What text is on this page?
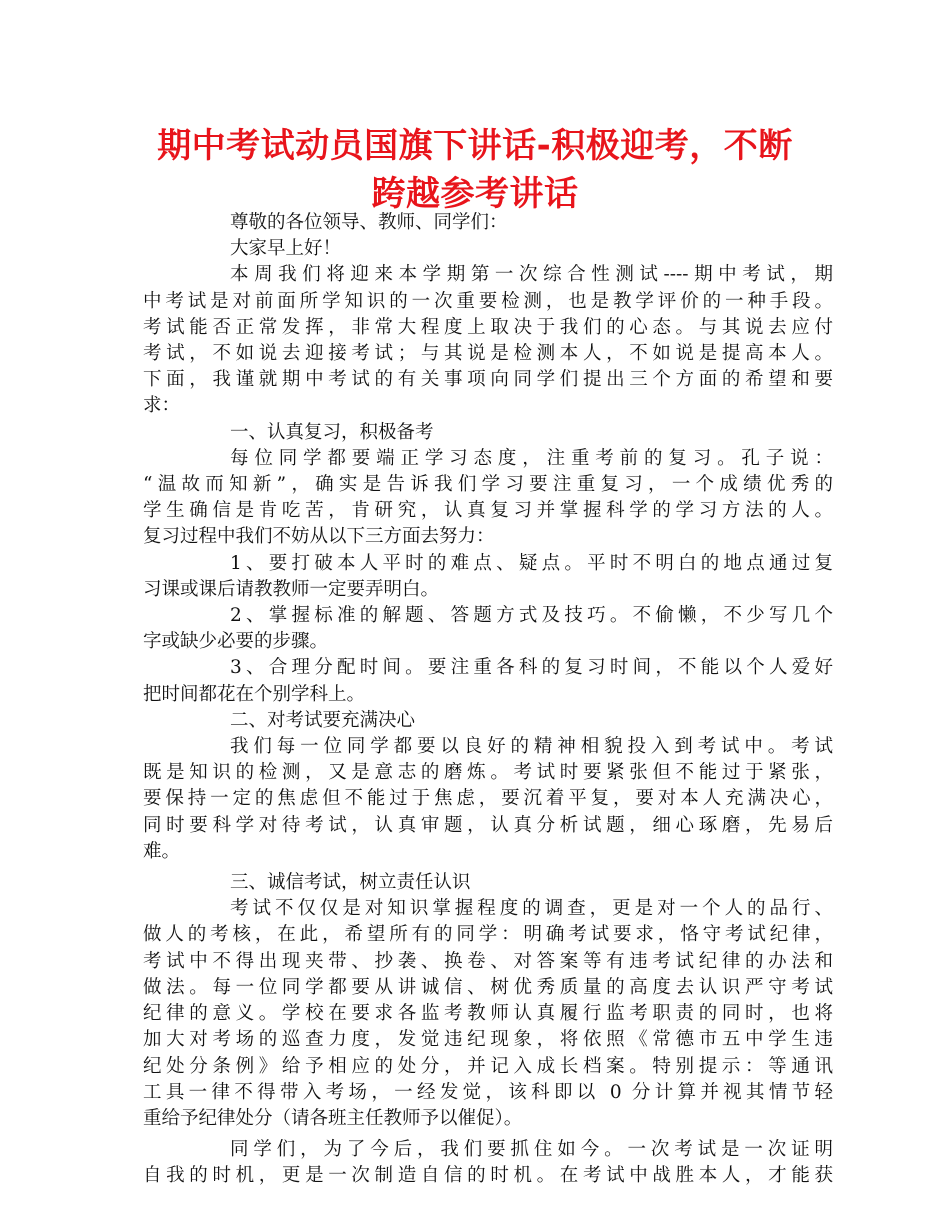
期中考试动员国旗下讲话-积极迎考，不断
跨越参考讲话
尊敬的各位领导、教师、同学们：
大家早上好！
本周我们将迎来本学期第一次综合性测试----期中考试，期
中考试是对前面所学知识的一次重要检测，也是教学评价的一种手段。
考试能否正常发挥，非常大程度上取决于我们的心态。与其说去应付
考试，不如说去迎接考试；与其说是检测本人，不如说是提高本人。
下面，我谨就期中考试的有关事项向同学们提出三个方面的希望和要
求：
一、认真复习，积极备考
每位同学都要端正学习态度，注重考前的复习。孔子说：
“温故而知新”，确实是告诉我们学习要注重复习，一个成绩优秀的
学生确信是肯吃苦，肯研究，认真复习并掌握科学的学习方法的人。
复习过程中我们不妨从以下三方面去努力：
1、要打破本人平时的难点、疑点。平时不明白的地点通过复
习课或课后请教教师一定要弄明白。
2、掌握标准的解题、答题方式及技巧。不偷懒，不少写几个
字或缺少必要的步骤。
3、合理分配时间。要注重各科的复习时间，不能以个人爱好
把时间都花在个别学科上。
二、对考试要充满决心
我们每一位同学都要以良好的精神相貌投入到考试中。考试
既是知识的检测，又是意志的磨炼。考试时要紧张但不能过于紧张，
要保持一定的焦虑但不能过于焦虑，要沉着平复，要对本人充满决心，
同时要科学对待考试，认真审题，认真分析试题，细心琢磨，先易后
难。
三、诚信考试，树立责任认识
考试不仅仅是对知识掌握程度的调查，更是对一个人的品行、
做人的考核，在此，希望所有的同学：明确考试要求，恪守考试纪律，
考试中不得出现夹带、抄袭、换卷、对答案等有违考试纪律的办法和
做法。每一位同学都要从讲诚信、树优秀质量的高度去认识严守考试
纪律的意义。学校在要求各监考教师认真履行监考职责的同时，也将
加大对考场的巡查力度，发觉违纪现象，将依照《常德市五中学生违
纪处分条例》给予相应的处分，并记入成长档案。特别提示：等通讯
工具一律不得带入考场，一经发觉，该科即以 0 分计算并视其情节轻
重给予纪律处分（请各班主任教师予以催促）。
同学们，为了今后，我们要抓住如今。一次考试是一次证明
自我的时机，更是一次制造自信的时机。在考试中战胜本人，才能获
